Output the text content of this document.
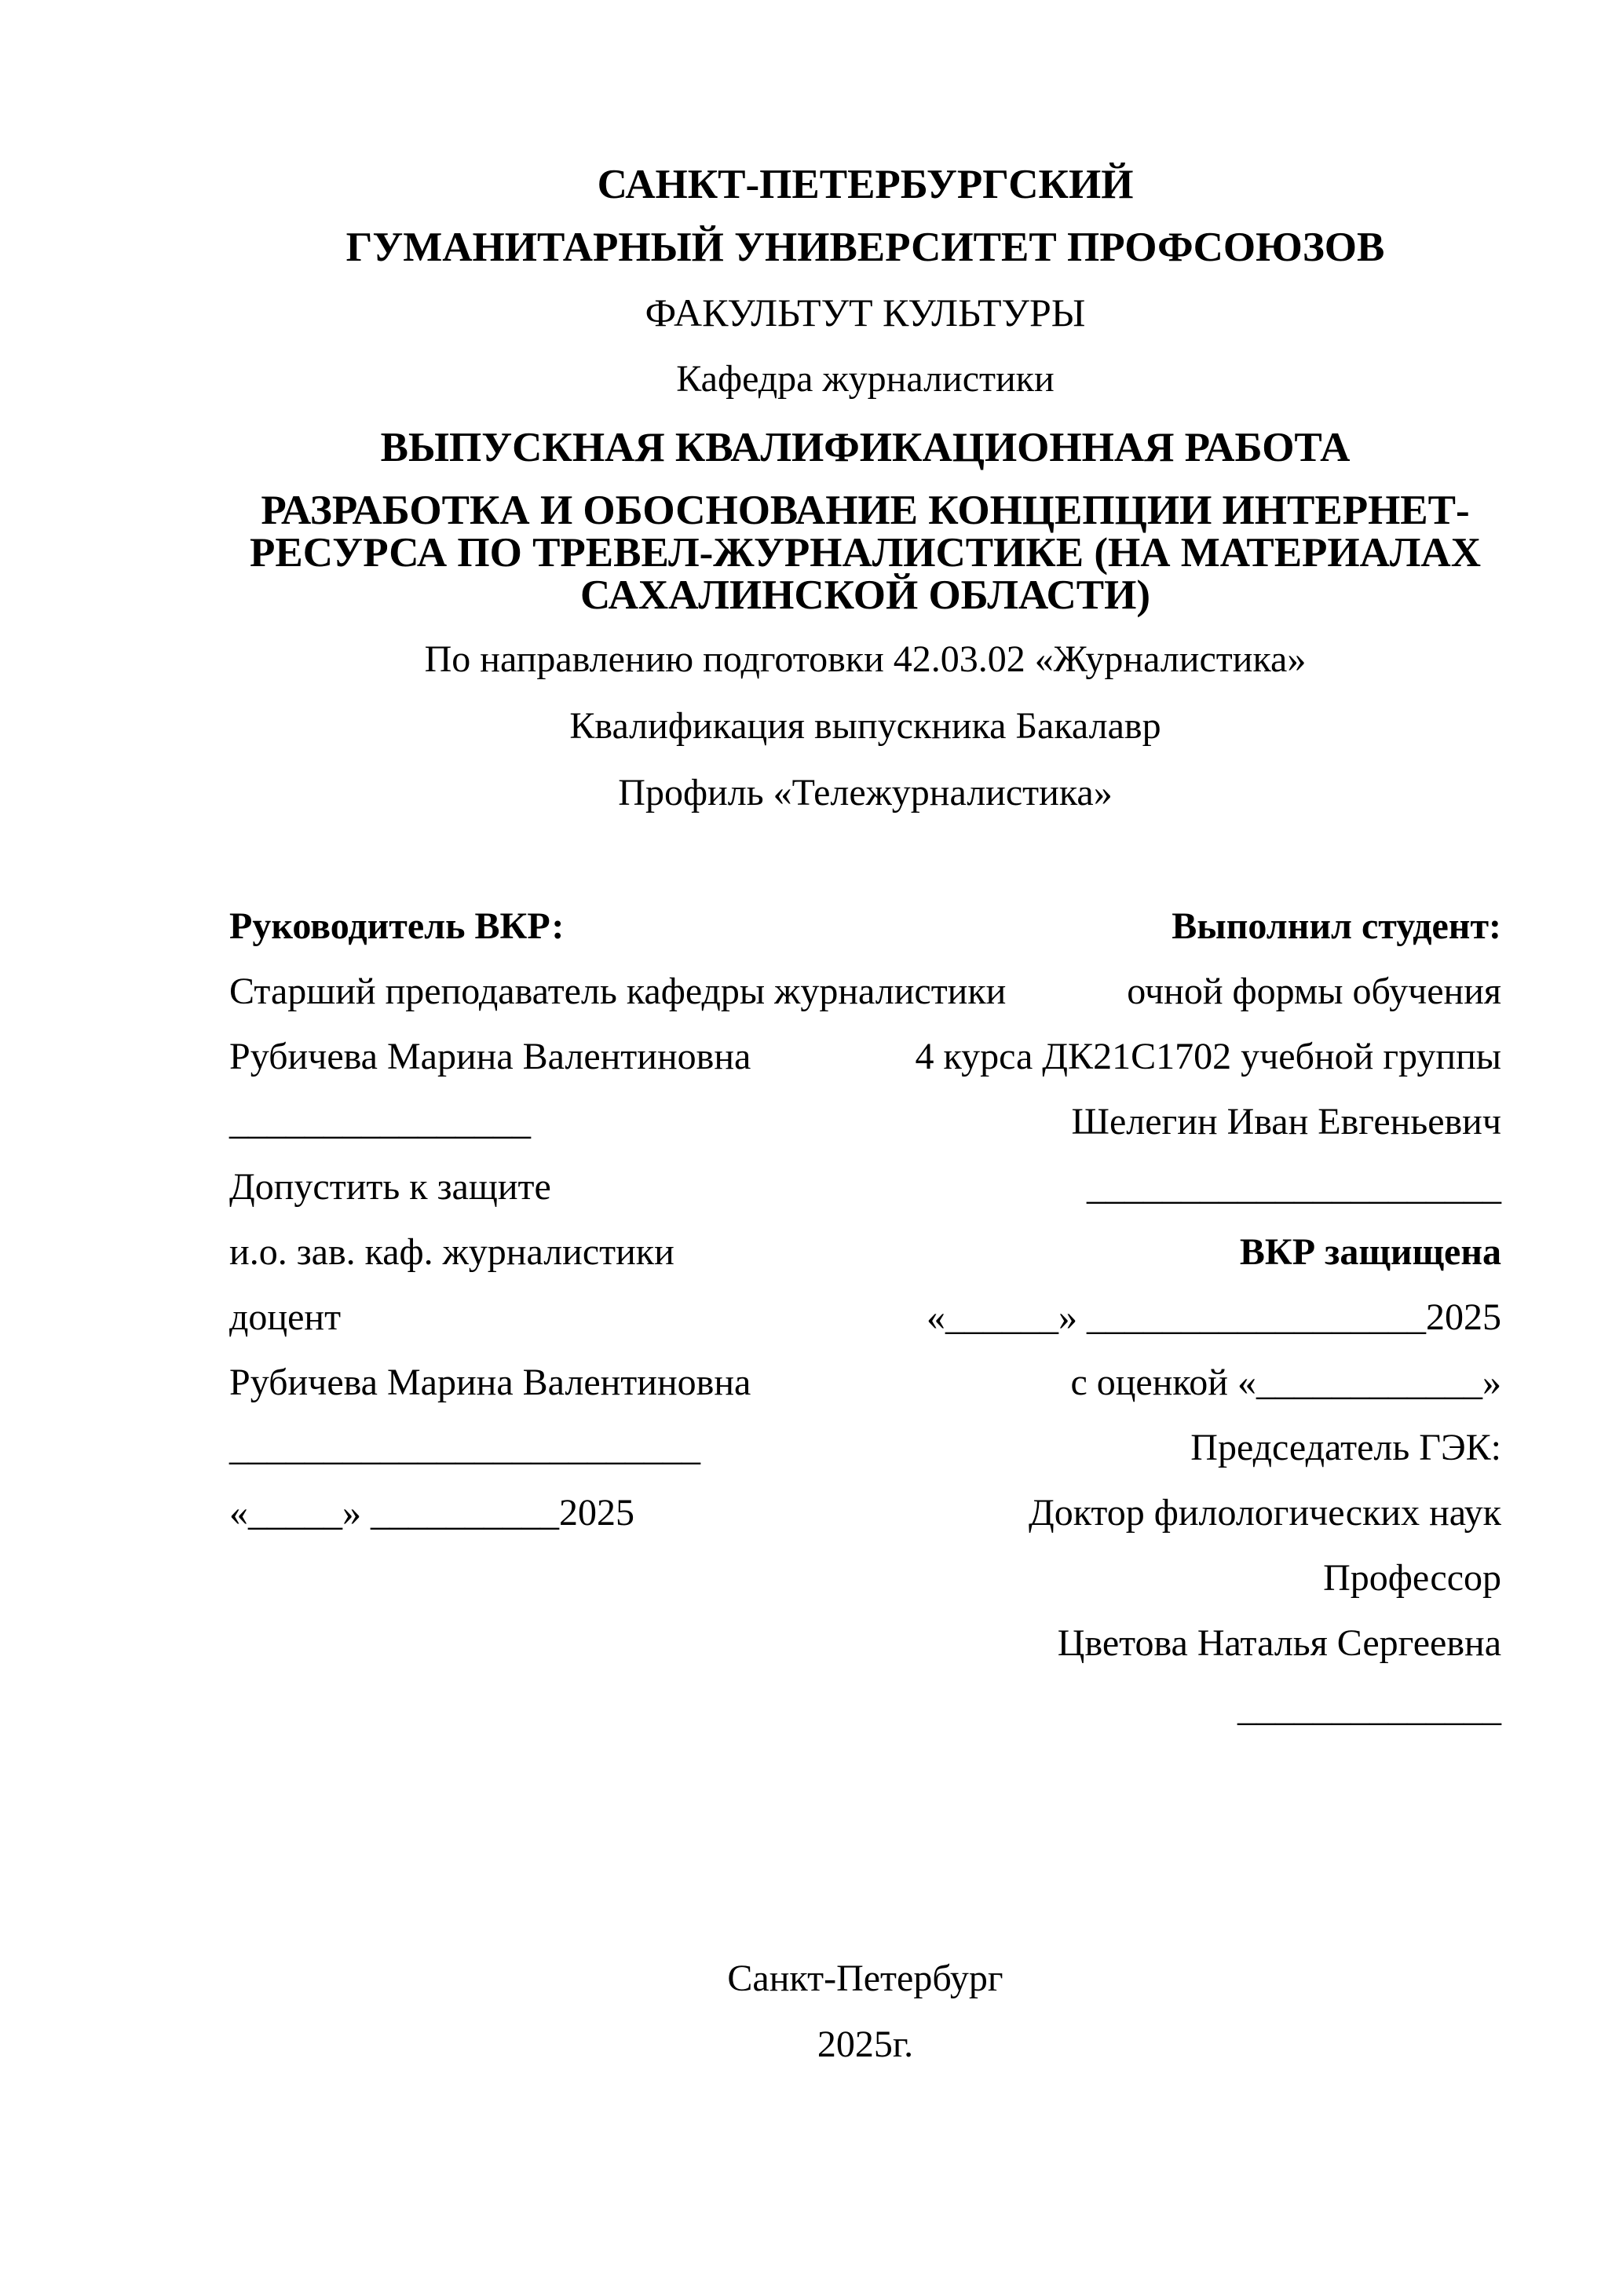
САНКТ-ПЕТЕРБУРГСКИЙ
ГУМАНИТАРНЫЙ УНИВЕРСИТЕТ ПРОФСОЮЗОВ
ФАКУЛЬТУТ КУЛЬТУРЫ
Кафедра журналистики
ВЫПУСКНАЯ КВАЛИФИКАЦИОННАЯ РАБОТА
РАЗРАБОТКА И ОБОСНОВАНИЕ КОНЦЕПЦИИ ИНТЕРНЕТ-
РЕСУРСА ПО ТРЕВЕЛ-ЖУРНАЛИСТИКЕ (НА МАТЕРИАЛАХ
САХАЛИНСКОЙ ОБЛАСТИ)
По направлению подготовки 42.03.02 «Журналистика»
Квалификация выпускника Бакалавр
Профиль «Тележурналистика»
Руководитель ВКР:
Старший преподаватель кафедры журналистики
Рубичева Марина Валентиновна
________________
Допустить к защите
и.о. зав. каф. журналистики
доцент
Рубичева Марина Валентиновна
_________________________
«_____» __________2025
Выполнил студент:
очной формы обучения
4 курса ДК21С1702 учебной группы
Шелегин Иван Евгеньевич
______________________
ВКР защищена
«______» __________________2025
с оценкой «____________»
Председатель ГЭК:
Доктор филологических наук
Профессор
Цветова Наталья Сергеевна
______________
Санкт-Петербург
2025г.
